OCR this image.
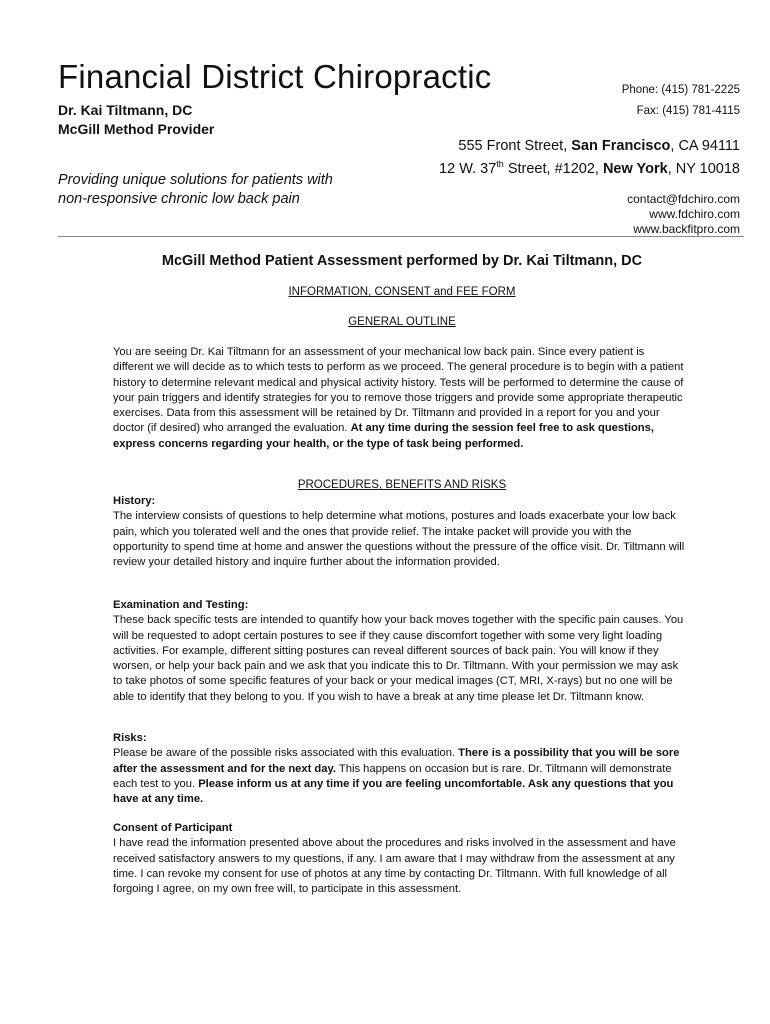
Financial District Chiropractic
Dr. Kai Tiltmann, DC
McGill Method Provider
Phone: (415) 781-2225
Fax: (415) 781-4115
555 Front Street, San Francisco, CA 94111
12 W. 37th Street, #1202, New York, NY 10018
Providing unique solutions for patients with
non-responsive chronic low back pain	contact@fdchiro.com
www.fdchiro.com
www.backfitpro.com
McGill Method Patient Assessment performed by Dr. Kai Tiltmann, DC
INFORMATION, CONSENT and FEE FORM
GENERAL OUTLINE
You are seeing Dr. Kai Tiltmann for an assessment of your mechanical low back pain. Since every patient is different we will decide as to which tests to perform as we proceed. The general procedure is to begin with a patient history to determine relevant medical and physical activity history. Tests will be performed to determine the cause of your pain triggers and identify strategies for you to remove those triggers and provide some appropriate therapeutic exercises. Data from this assessment will be retained by Dr. Tiltmann and provided in a report for you and your doctor (if desired) who arranged the evaluation. At any time during the session feel free to ask questions, express concerns regarding your health, or the type of task being performed.
PROCEDURES, BENEFITS AND RISKS
History:
The interview consists of questions to help determine what motions, postures and loads exacerbate your low back pain, which you tolerated well and the ones that provide relief. The intake packet will provide you with the opportunity to spend time at home and answer the questions without the pressure of the office visit. Dr. Tiltmann will review your detailed history and inquire further about the information provided.
Examination and Testing:
These back specific tests are intended to quantify how your back moves together with the specific pain causes. You will be requested to adopt certain postures to see if they cause discomfort together with some very light loading activities. For example, different sitting postures can reveal different sources of back pain. You will know if they worsen, or help your back pain and we ask that you indicate this to Dr. Tiltmann. With your permission we may ask to take photos of some specific features of your back or your medical images (CT, MRI, X-rays) but no one will be able to identify that they belong to you. If you wish to have a break at any time please let Dr. Tiltmann know.
Risks:
Please be aware of the possible risks associated with this evaluation. There is a possibility that you will be sore after the assessment and for the next day. This happens on occasion but is rare. Dr. Tiltmann will demonstrate each test to you. Please inform us at any time if you are feeling uncomfortable. Ask any questions that you have at any time.
Consent of Participant
I have read the information presented above about the procedures and risks involved in the assessment and have received satisfactory answers to my questions, if any. I am aware that I may withdraw from the assessment at any time. I can revoke my consent for use of photos at any time by contacting Dr. Tiltmann. With full knowledge of all forgoing I agree, on my own free will, to participate in this assessment.
